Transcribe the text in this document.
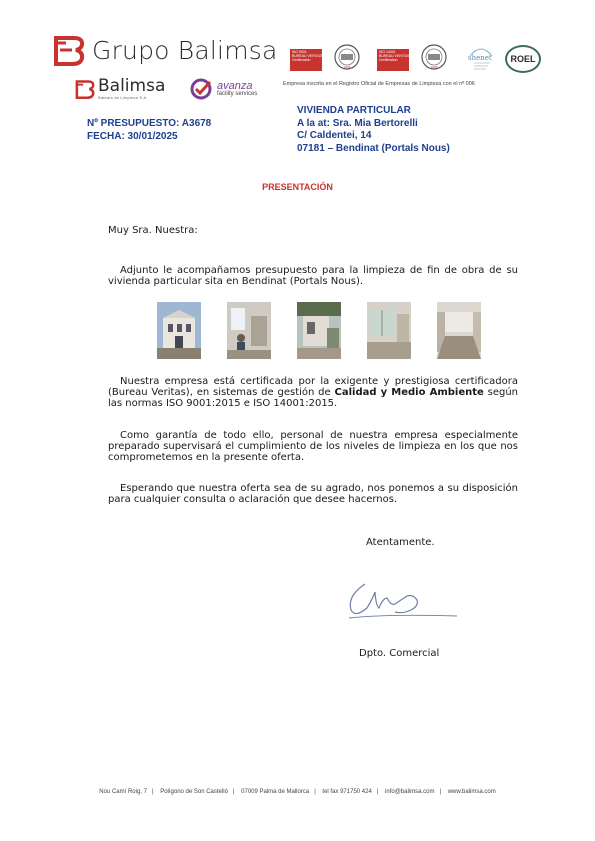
Grupo Balimsa
Balimsa
Balears de Limpieza S.A.
avanza
facility services
ISO 9001
BUREAU VERITAS
Certification
1828
ISO 14001
BUREAU VERITAS
Certification
1828
shenet ROEL
Empresa inscrita en el Registro Oficial de Empresas de Limpieza con el nº 006
Nº PRESUPUESTO: A3678
FECHA: 30/01/2025
VIVIENDA PARTICULAR
A la at: Sra. Mia Bertorelli
C/ Caldentei, 14
07181 – Bendinat (Portals Nous)
PRESENTACIÓN
Muy Sra. Nuestra:
Adjunto le acompañamos presupuesto para la limpieza de fin de obra de su vivienda particular sita en Bendinat (Portals Nous).
Nuestra empresa está certificada por la exigente y prestigiosa certificadora (Bureau Veritas), en sistemas de gestión de Calidad y Medio Ambiente según las normas ISO 9001:2015 e ISO 14001:2015.
Como garantía de todo ello, personal de nuestra empresa especialmente preparado supervisará el cumplimiento de los niveles de limpieza en los que nos comprometemos en la presente oferta.
Esperando que nuestra oferta sea de su agrado, nos ponemos a su disposición para cualquier consulta o aclaración que desee hacernos.
Atentamente.
Dpto. Comercial
Nou Camí Roig, 7 | Polígono de Son Castelló | 07009 Palma de Mallorca | tel fax 971750 424 | info@balimsa.com | www.balimsa.com
